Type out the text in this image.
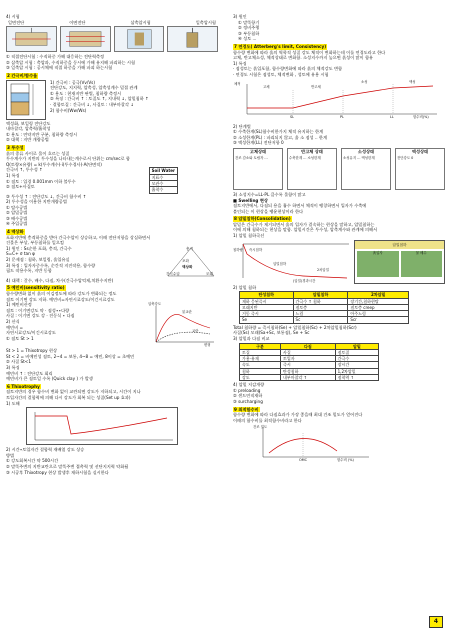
4) 시험
일면전단	이면전단	삼축압시험	일축압시험
① 직접전단시험 : 수직하중 가해 대응하는 전단력측정
② 삼축압 시험 : 축압과, 수직하중을 동시에 가해 유지해 파괴하는 시험
③ 일축압 시험 : 공시체에 직접 하중을 가해 파괴 하는시험
2 간극비/함수율
1) 간극비 : 공극(Vv/Vs)
전단강도, 지지력, 압축성, 압축성계수 밀접 관계
① 용도 : 현재지반 판별, 침하량 측정시
② 특징 : 간극비 ↑ : 토질도 ↑, 지내력 ↓, 압밀침하 ↑
· 결합토질 : 간극비 ↓, 사질토 : 내부마찰각 ↓
2) 함수비(Ww/Ws)
액성화, 보일링 전단강도
내마찰각, 압축력/흡착성
① 용도 : 연약지반 구분, 침하량 측정시
② 대책 : 지반 개량공법
3 투수성
흙의 종류 사이로 물이 흐르는 성질
투수계수가 지반의 투수성을 나타내는계수로서 단위는 cm/sec로 함
Q(토량×유량) = k(투수계수)·i(투수경사)·A(단면적)
간극비 ↑, 투수성 ↑
1) 특징
① 점토 : 입경 0.001mm 이하 불투수
② 점토+사질토
Soil Water
지표수
모관수
흡착수
③ 투수성 ↑ : 전단강도 ↓, 간극비 함수비 ↑
2) 투수성을 이용한 지반개량공법
① 탈수공법
② 압밀공법
③ 배수공법
④ 주입공법
4 액상화
포화지반에 충격하중을 받아 간극수압이 상승하고, 이때 전단저항을 상실하면서
건물은 부상, 부등침하를 일으킴
1) 원인 : Ss순한 포화, 충격, 간극수
S=C+ σ tan φ
2) 문제점 : 침하, 보일링, 흙입유실
3) 특징 : 입자자중수록, 순간적 지진작용, 함수량
필드 작용수록, 지반 동합
충격
포화
액상화
간극수압	모래
4) 대책 : 갈수, 배수, 다짐, 차수(간극수압억제,치환수지반)
5 예민비(sensitivity ratio)
함수량변화 없이 흙의 이김정도에 따라 강도가 변화되는 정도
점토 이기면 강도 저하. 예민비=자연시료강도/이긴시료강도
1) 예민비산정
점토 : 이기면강도 약 · 점성∙∙다량
사질 : 이기면 강도 강 · 진동식 ∙ 다짐
2) 산식
예민비 =
자연시료강도/이긴시료강도
① 점토 St > 1
압축강도
불교란
교란
변형
St > 1 = Thixotropy 현상
St < 2 = 비예민성 점토, 2~4 = 보통, 4~8 = 예민, 8이상 = 초예민
② 사질 St<1
3) 특징
예민비 ↑ : 전단강도 회리
예민비가 큰 점토일 수록 (Quick clay ) 가 발생
6 Thixotrophy
점토지반의 경우 함수비 변화 없이 교란되면 강도가 저하되고, 시간이 지나
토입자간의 결합력에 의해 다시 강도가 회복 되는 성질(Set up 효과)
1) 도해
2) 시간∙토입자간 결합력 재배열 강도 상승
방법
① 강도회복시간 약 500시간
② 말뚝주변의 지반교란으로 말뚝주변 접촉력 및 선단지지력 약화됨
③ 시공후 Thixotropy 현상 발생후 재하시험을 실시한다
3) 원인
① 말뚝항기
② 정비주행
③ 부등침하
④ 성토 ...
7 연경도( Atterberg's limit, Consistency)
함수량 변화에 따라 흙의 역학적 성질 강도 체적이 변화하는데 이를 연경도라고 한다
고체, 반고체소성, 체적상태로 변화함. 소성지수까지 높으면 흙성이 많이 함유
1) 특징
· 점성토는 흙입포함, 함수량변화에 따라 흙의 체적강도 변함
· 연경도 시험은 점성토, 체적변화 , 성토에 유용 시험
체적
고체	반고체
소성	액성
SL	PL	LL	함수비(%)
2) 단계별
① 수축한계(SL)함수비한가지 체적 유지하는 한계
② 소성한계(PL) : 파괴되지 않고, 흙 소 점성 .. 한계
③ 액성한계(LL) 전단저항 0
고체상태
건조 감소와 토립자 ...
반고체 상태
수축한계 ... 소성한계
소성상태
소성유지 ... 액성한계
액성상태
전단강도 0
3) 소성지수=LL-PL 클수록 물함이 많고
■ Swelling 현상
점토지반에서, 다짐되 용을 흡수 하면서 체적이 팽창하면서 입자가 수축에
붙인되는 이 현상을 팽윤현상이라 한다
8 압밀침하(Consolidation)
압밀은 간극수가 제거되면서 흙의 입자가 결속하는 현상을 말하고, 압밀침하는
이에 의해 침하되는 현상을 말함. 압밀시간은 투수성, 압축계수와 관계에 의해서
1) 압밀 침하곡선
침하량 즉시침하
압밀침하
2차압밀
(압밀)경과시간
압밀침하
흙입자	물 배수
2) 압밀 침하
탄성침하	압밀침하	2차압밀
재하 응된즉시	간극수 ↑ 침하	장기간,침하현탈
모래지반	점토층	점토층 creep
거동 즉시	느림	아주느림
Se	Sc	Scr
Total 침하량 = 즉시침하(Se) + 압밀침하(Sc) + 2차압밀침하(Scr)
사질(Ss) 모래(Sa+Sc, 보통점), Se + Sc
3) 압밀과 다짐 비교
구분	다짐	압밀
토질	사질	점토질
가용·유재	토입자	간극수
속도	즉시	장시간
침하	탄성침하	1,2차압밀
강도	내부마찰각 ↑	점착력 ↑
4) 압밀 저감개량
① preloading
② 샌드연직재하
③ surcharging
9 최적함수비
함수량 변화에 따라 다짐효과가 가장 좋을때 최대 건조 밀도가 얻어진다
이때의 함수비를 최적함수비라고 한다
건조 밀도
OMC	함수비 (%)
4
